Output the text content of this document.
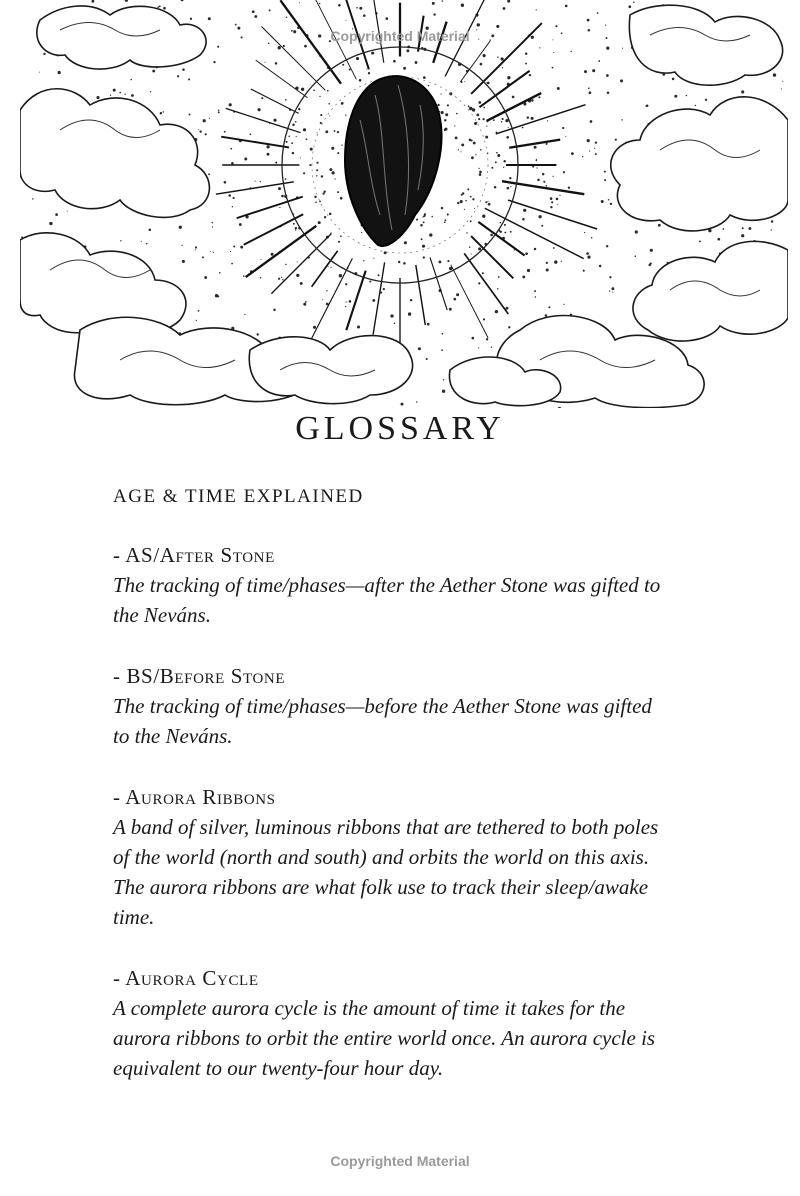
Copyrighted Material
GLOSSARY
AGE & TIME EXPLAINED
- AS/After Stone

The tracking of time/phases—after the Aether Stone was gifted to the Neváns.

- BS/Before Stone

The tracking of time/phases—before the Aether Stone was gifted to the Neváns.

- Aurora Ribbons

A band of silver, luminous ribbons that are tethered to both poles of the world (north and south) and orbits the world on this axis. The aurora ribbons are what folk use to track their sleep/awake time.

- Aurora Cycle

A complete aurora cycle is the amount of time it takes for the aurora ribbons to orbit the entire world once. An aurora cycle is equivalent to our twenty-four hour day.

Copyrighted Material
